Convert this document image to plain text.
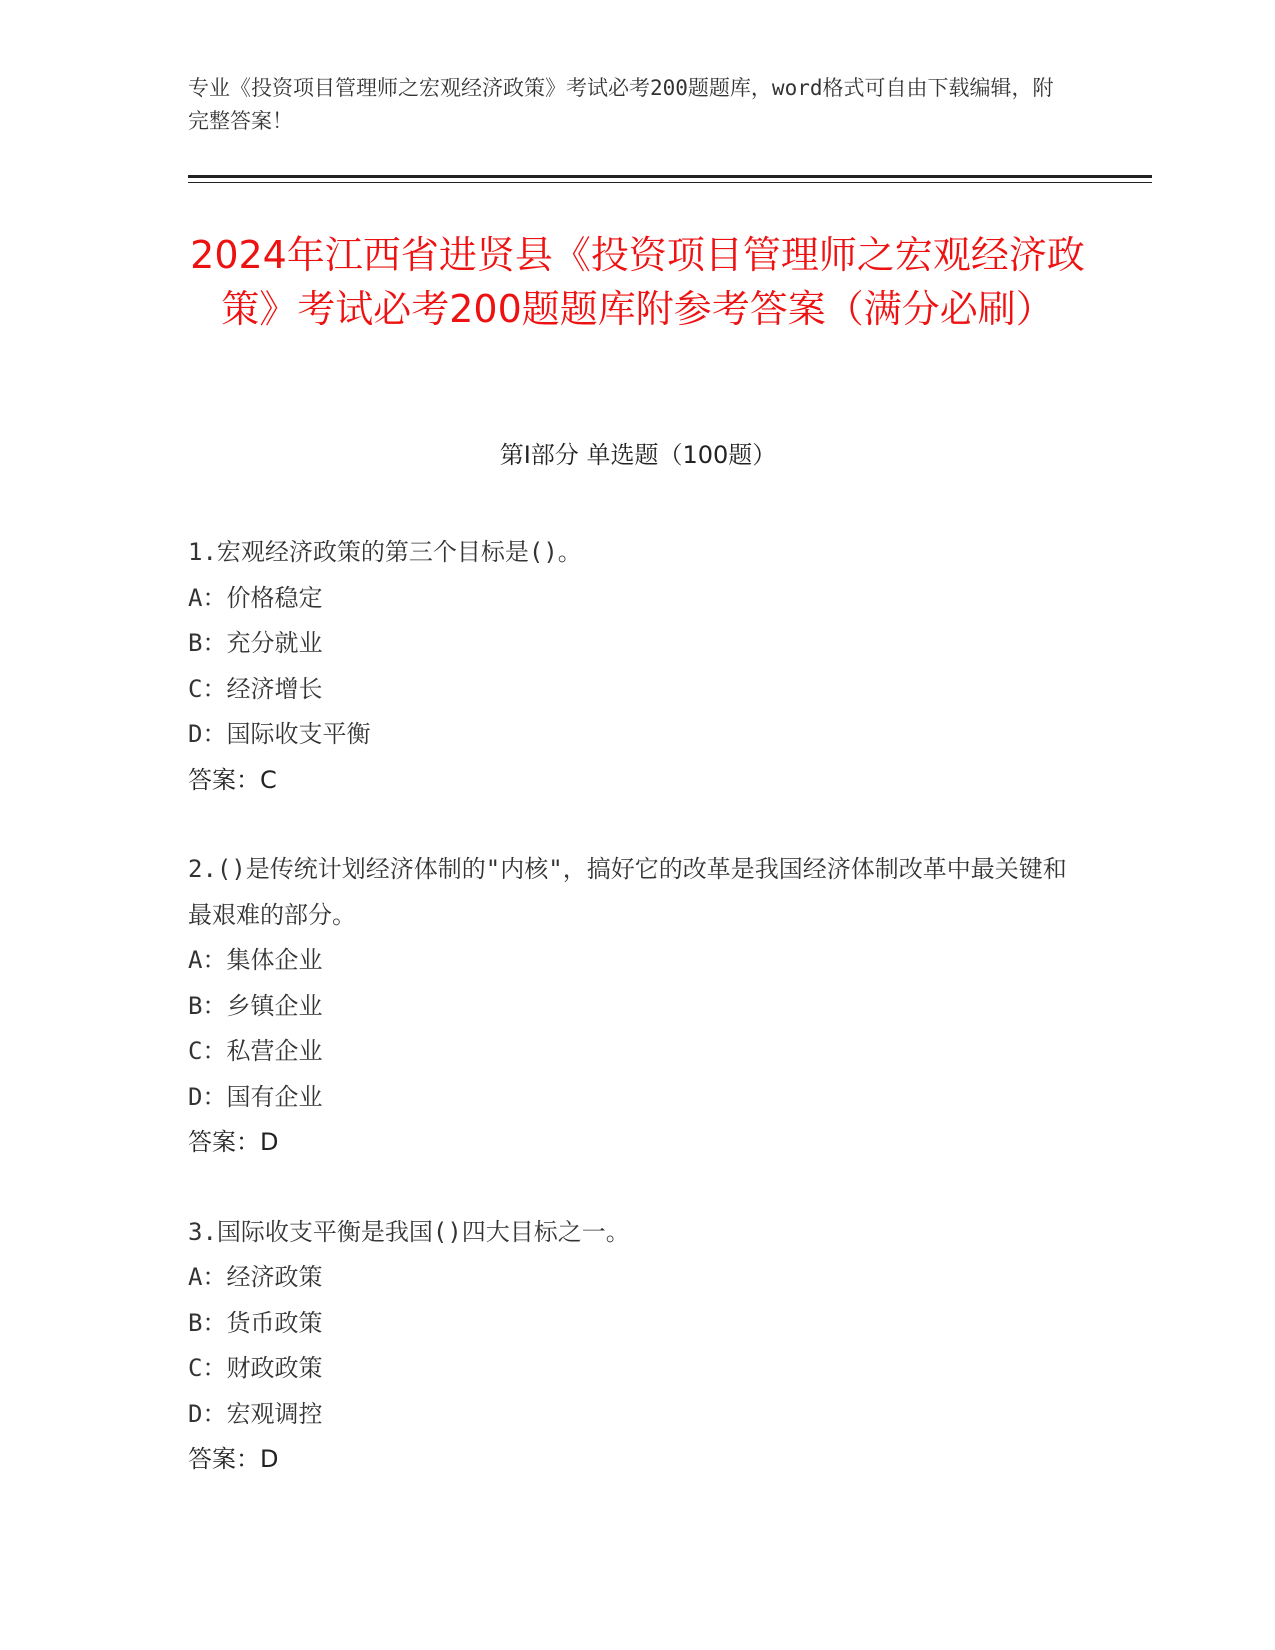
专业《投资项目管理师之宏观经济政策》考试必考200题题库，word格式可自由下载编辑，附完整答案！
2024年江西省进贤县《投资项目管理师之宏观经济政策》考试必考200题题库附参考答案（满分必刷）
第I部分 单选题（100题）
1.宏观经济政策的第三个目标是()。
A：价格稳定
B：充分就业
C：经济增长
D：国际收支平衡
答案：C
2.()是传统计划经济体制的"内核"，搞好它的改革是我国经济体制改革中最关键和最艰难的部分。
A：集体企业
B：乡镇企业
C：私营企业
D：国有企业
答案：D
3.国际收支平衡是我国()四大目标之一。
A：经济政策
B：货币政策
C：财政政策
D：宏观调控
答案：D
